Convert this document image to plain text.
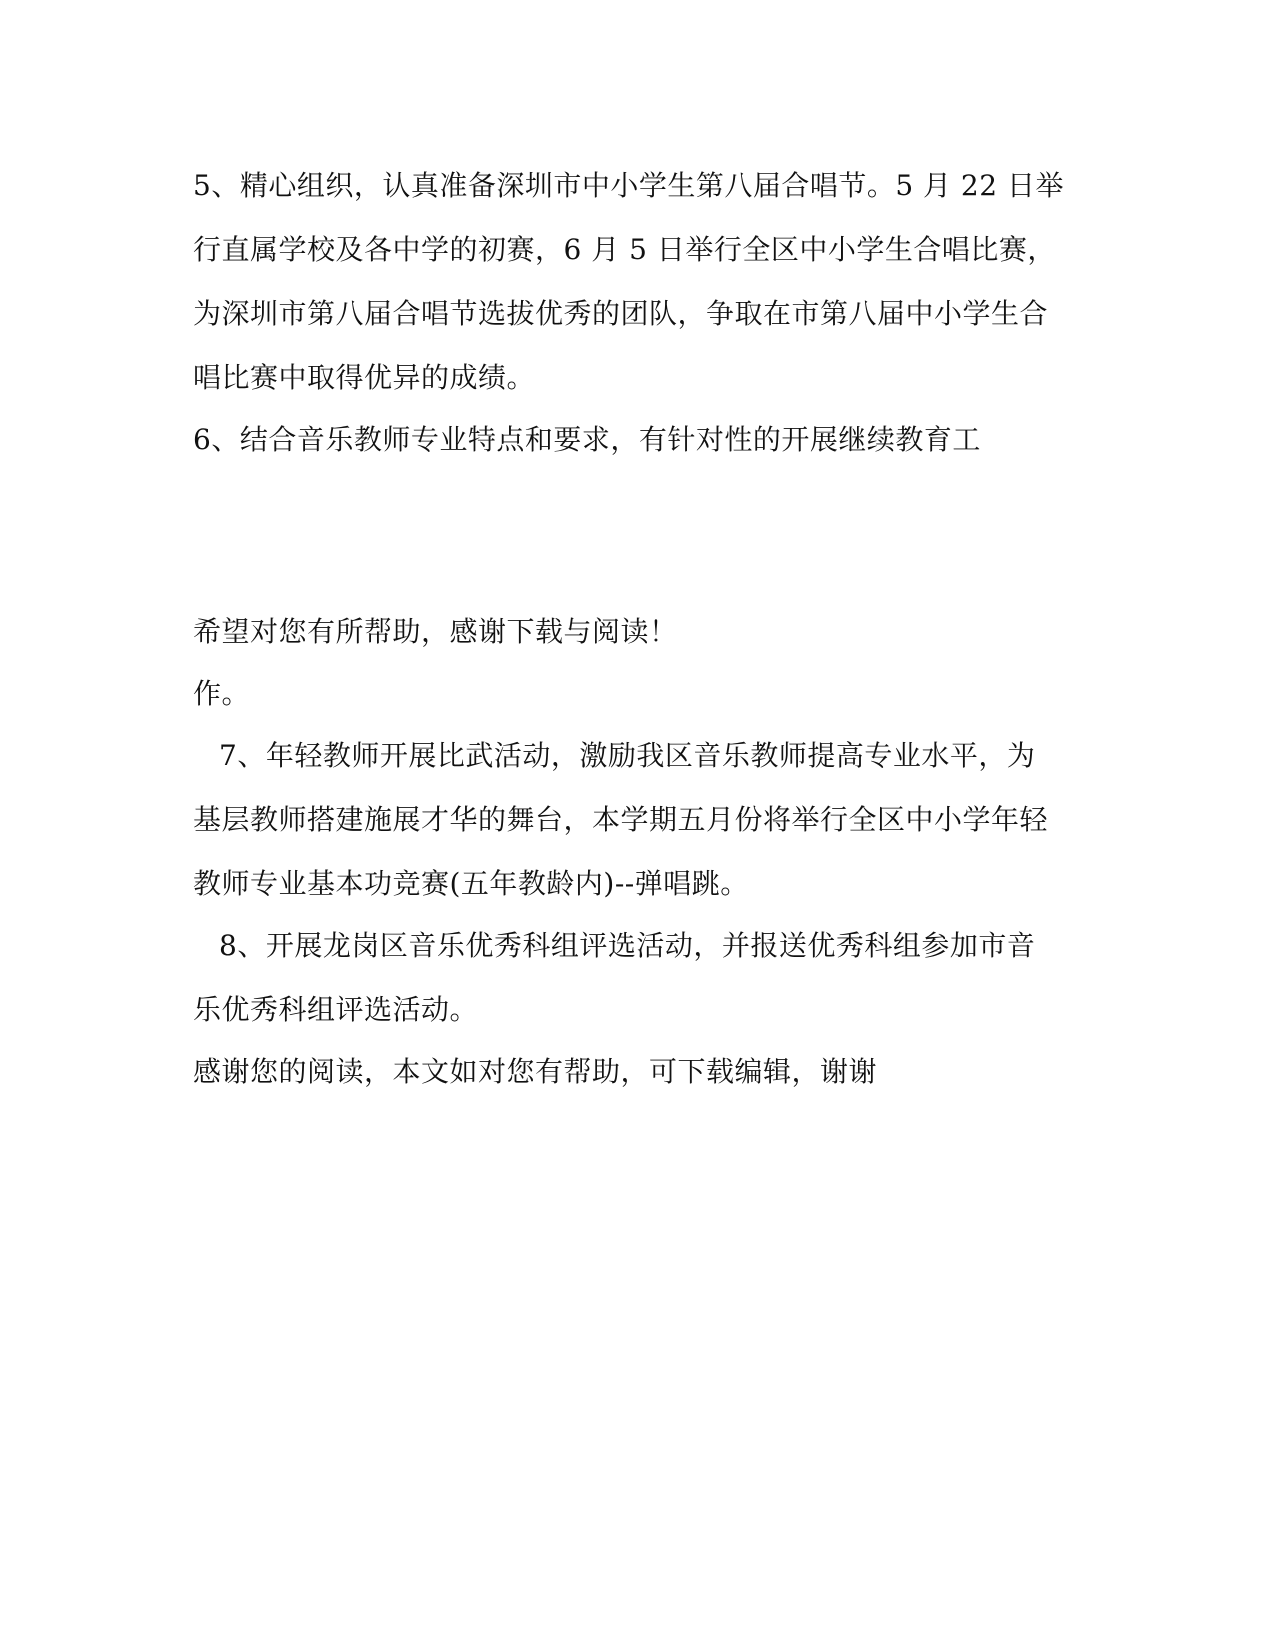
5、精心组织，认真准备深圳市中小学生第八届合唱节。5 月 22 日举
行直属学校及各中学的初赛，6 月 5 日举行全区中小学生合唱比赛，
为深圳市第八届合唱节选拔优秀的团队，争取在市第八届中小学生合
唱比赛中取得优异的成绩。
6、结合音乐教师专业特点和要求，有针对性的开展继续教育工
希望对您有所帮助，感谢下载与阅读！
作。
7、年轻教师开展比武活动，激励我区音乐教师提高专业水平，为
基层教师搭建施展才华的舞台，本学期五月份将举行全区中小学年轻
教师专业基本功竞赛(五年教龄内)--弹唱跳。
8、开展龙岗区音乐优秀科组评选活动，并报送优秀科组参加市音
乐优秀科组评选活动。
感谢您的阅读，本文如对您有帮助，可下载编辑，谢谢
